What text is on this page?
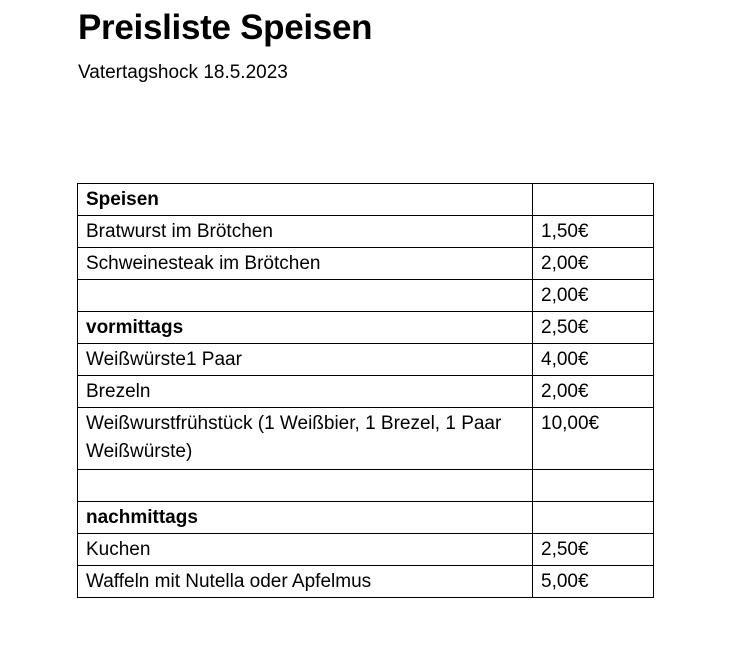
Preisliste Speisen
Vatertagshock 18.5.2023
Speisen	
Bratwurst im Brötchen	1,50€
Schweinesteak im Brötchen	2,00€
	2,00€
vormittags	2,50€
Weißwürste1 Paar	4,00€
Brezeln	2,00€
Weißwurstfrühstück (1 Weißbier, 1 Brezel, 1 Paar Weißwürste)	10,00€

nachmittags	
Kuchen	2,50€
Waffeln mit Nutella oder Apfelmus	5,00€
